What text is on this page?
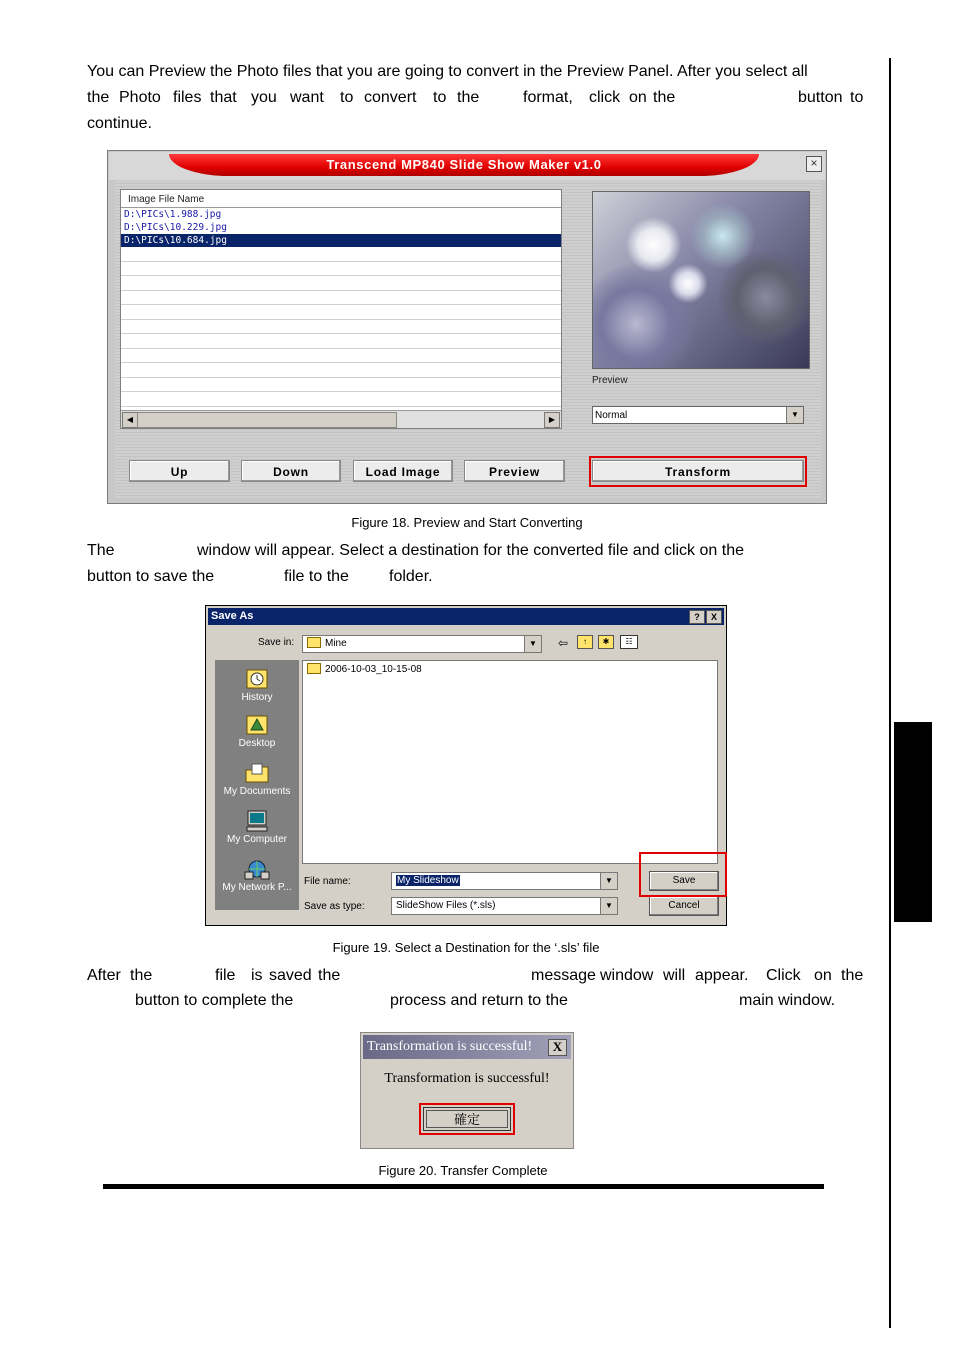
You can Preview the Photo files that you are going to convert in the Preview Panel. After you select all
the Photo files that you want to convert to the	format, click on the	button to
continue.
Transcend MP840 Slide Show Maker v1.0	×
Image File Name
D:\PICs\1.988.jpg
D:\PICs\10.229.jpg
D:\PICs\10.684.jpg
◀	▶
Preview
Normal	▼
Up	Down	Load Image	Preview	Transform
Figure 18. Preview and Start Converting
The	window will appear. Select a destination for the converted file and click on the
button to save the	file to the	folder.
Save As	?	X
Save in:	Mine	▼	⇦	↑	✱	☷
History
Desktop
My Documents
My Computer
My Network P...
2006-10-03_10-15-08
File name:	My Slideshow	▼
Save as type:	SlideShow Files (*.sls)	▼
Save
Cancel
Figure 19. Select a Destination for the ‘.sls’ file
After the	file is saved the	message window will appear. Click on the
button to complete the	process and return to the	main window.
Transformation is successful!	X
Transformation is successful!
確定
Figure 20. Transfer Complete
